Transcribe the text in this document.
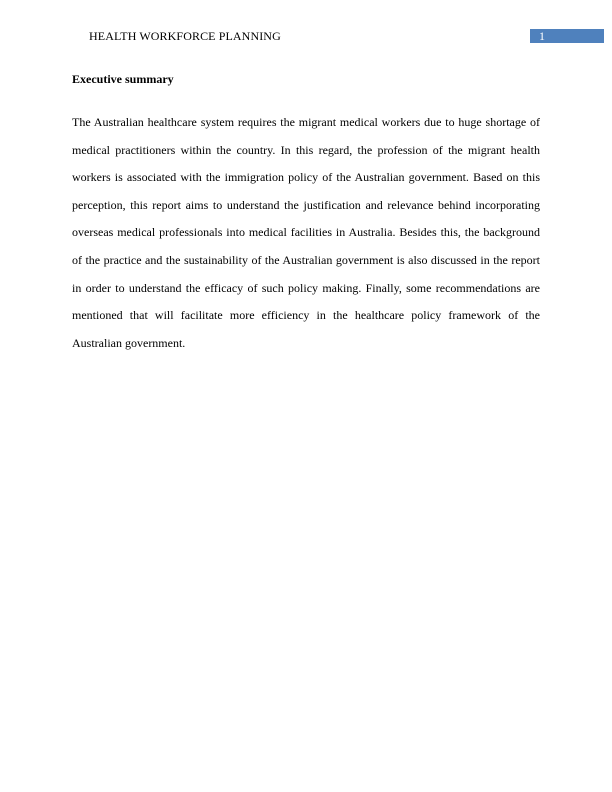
HEALTH WORKFORCE PLANNING	1
Executive summary

The Australian healthcare system requires the migrant medical workers due to huge shortage of medical practitioners within the country. In this regard, the profession of the migrant health workers is associated with the immigration policy of the Australian government. Based on this perception, this report aims to understand the justification and relevance behind incorporating overseas medical professionals into medical facilities in Australia. Besides this, the background of the practice and the sustainability of the Australian government is also discussed in the report in order to understand the efficacy of such policy making. Finally, some recommendations are mentioned that will facilitate more efficiency in the healthcare policy framework of the Australian government.
